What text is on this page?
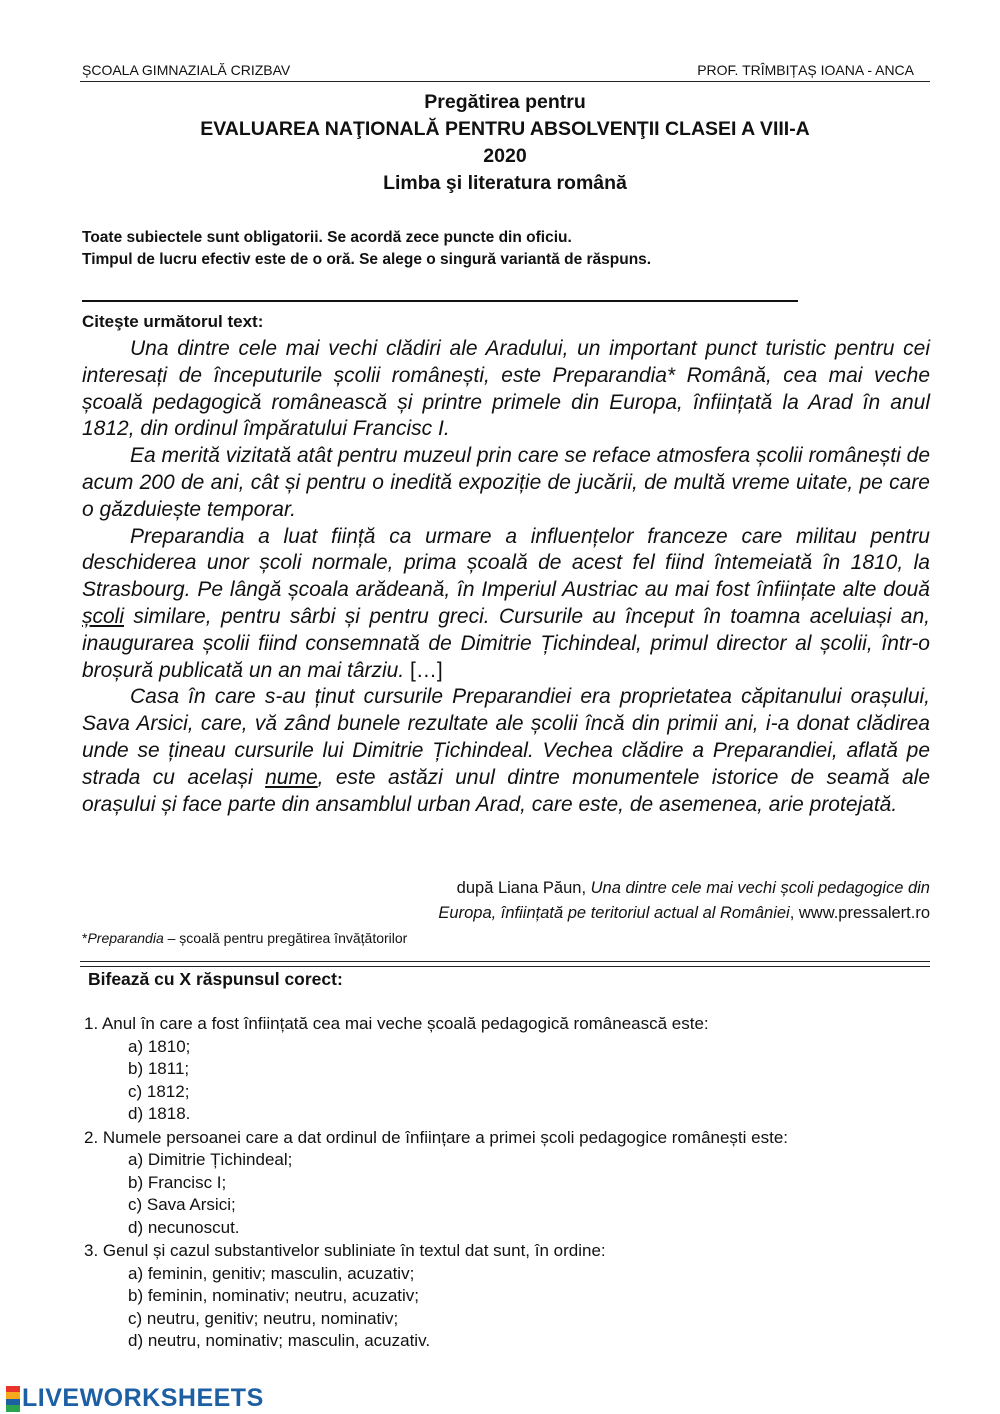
ȘCOALA GIMNAZIALĂ CRIZBAV	PROF. TRÎMBIȚAȘ IOANA - ANCA
Pregătirea pentru
EVALUAREA NAŢIONALĂ PENTRU ABSOLVENŢII CLASEI A VIII-A
2020
Limba şi literatura română
Toate subiectele sunt obligatorii. Se acordă zece puncte din oficiu.
Timpul de lucru efectiv este de o oră. Se alege o singură variantă de răspuns.
Citeşte următorul text:

Una dintre cele mai vechi clădiri ale Aradului, un important punct turistic pentru cei interesați de începuturile școlii românești, este Preparandia* Română, cea mai veche școală pedagogică românească și printre primele din Europa, înființată la Arad în anul 1812, din ordinul împăratului Francisc I.

Ea merită vizitată atât pentru muzeul prin care se reface atmosfera școlii românești de acum 200 de ani, cât și pentru o inedită expoziție de jucării, de multă vreme uitate, pe care o găzduiește temporar.

Preparandia a luat ființă ca urmare a influențelor franceze care militau pentru deschiderea unor școli normale, prima școală de acest fel fiind întemeiată în 1810, la Strasbourg. Pe lângă școala arădeană, în Imperiul Austriac au mai fost înființate alte două școli similare, pentru sârbi și pentru greci. Cursurile au început în toamna aceluiași an, inaugurarea școlii fiind consemnată de Dimitrie Țichindeal, primul director al școlii, într-o broșură publicată un an mai târziu. […]

Casa în care s-au ținut cursurile Preparandiei era proprietatea căpitanului orașului, Sava Arsici, care, vă zând bunele rezultate ale școlii încă din primii ani, i-a donat clădirea unde se țineau cursurile lui Dimitrie Țichindeal. Vechea clădire a Preparandiei, aflată pe strada cu același nume, este astăzi unul dintre monumentele istorice de seamă ale orașului și face parte din ansamblul urban Arad, care este, de asemenea, arie protejată.

după Liana Păun, Una dintre cele mai vechi școli pedagogice din
Europa, înființată pe teritoriul actual al României, www.pressalert.ro
*Preparandia – școală pentru pregătirea învățătorilor
Bifează cu X răspunsul corect:
1. Anul în care a fost înființată cea mai veche școală pedagogică românească este:
a) 1810;
b) 1811;
c) 1812;
d) 1818.
2. Numele persoanei care a dat ordinul de înființare a primei școli pedagogice românești este:
a) Dimitrie Țichindeal;
b) Francisc I;
c) Sava Arsici;
d) necunoscut.
3. Genul și cazul substantivelor subliniate în textul dat sunt, în ordine:
a) feminin, genitiv; masculin, acuzativ;
b) feminin, nominativ; neutru, acuzativ;
c) neutru, genitiv; neutru, nominativ;
d) neutru, nominativ; masculin, acuzativ.
LIVEWORKSHEETS
